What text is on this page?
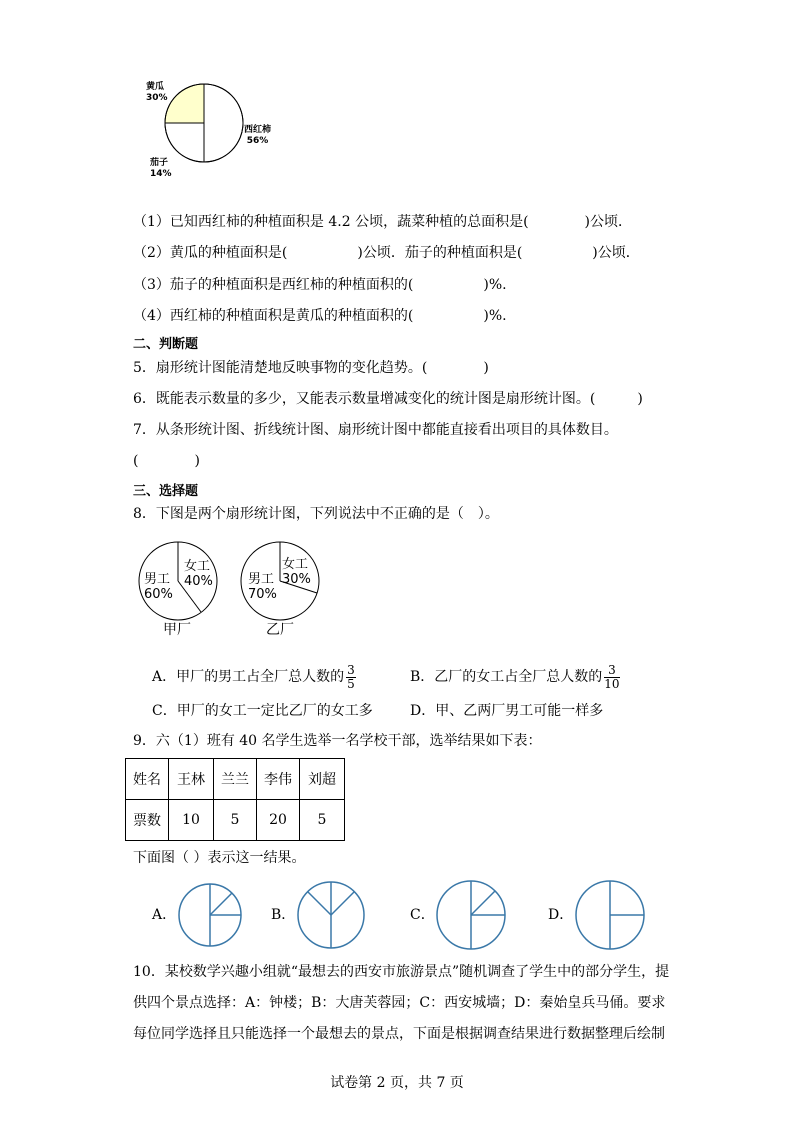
黄瓜
30%
西红柿
56%
茄子
14%
（1）已知西红柿的种植面积是 4.2 公顷，蔬菜种植的总面积是(　　　　)公顷．
（2）黄瓜的种植面积是(　　　　　)公顷．茄子的种植面积是(　　　　　)公顷．
（3）茄子的种植面积是西红柿的种植面积的(　　　　　)%.
（4）西红柿的种植面积是黄瓜的种植面积的(　　　　　)%.
二、判断题
5．扇形统计图能清楚地反映事物的变化趋势。(　　　　)
6．既能表示数量的多少，又能表示数量增减变化的统计图是扇形统计图。(　　　)
7．从条形统计图、折线统计图、扇形统计图中都能直接看出项目的具体数目。
(　　　　)
三、选择题
8．下图是两个扇形统计图，下列说法中不正确的是（　）。
女工
40%
男工
60%
甲厂
女工
30%
男工
70%
乙厂
A．甲厂的男工占全厂总人数的 $\frac{3}{5}$	B．乙厂的女工占全厂总人数的 $\frac{3}{10}$
C．甲厂的女工一定比乙厂的女工多	D．甲、乙两厂男工可能一样多
9．六（1）班有 40 名学生选举一名学校干部，选举结果如下表：
姓名	王林	兰兰	李伟	刘超
票数	10	5	20	5
下面图（ ）表示这一结果。
A．	B．	C．	D．
10．某校数学兴趣小组就“最想去的西安市旅游景点”随机调查了学生中的部分学生，提
供四个景点选择：A：钟楼；B：大唐芙蓉园；C：西安城墙；D：秦始皇兵马俑。要求
每位同学选择且只能选择一个最想去的景点，下面是根据调查结果进行数据整理后绘制
试卷第 2 页，共 7 页
